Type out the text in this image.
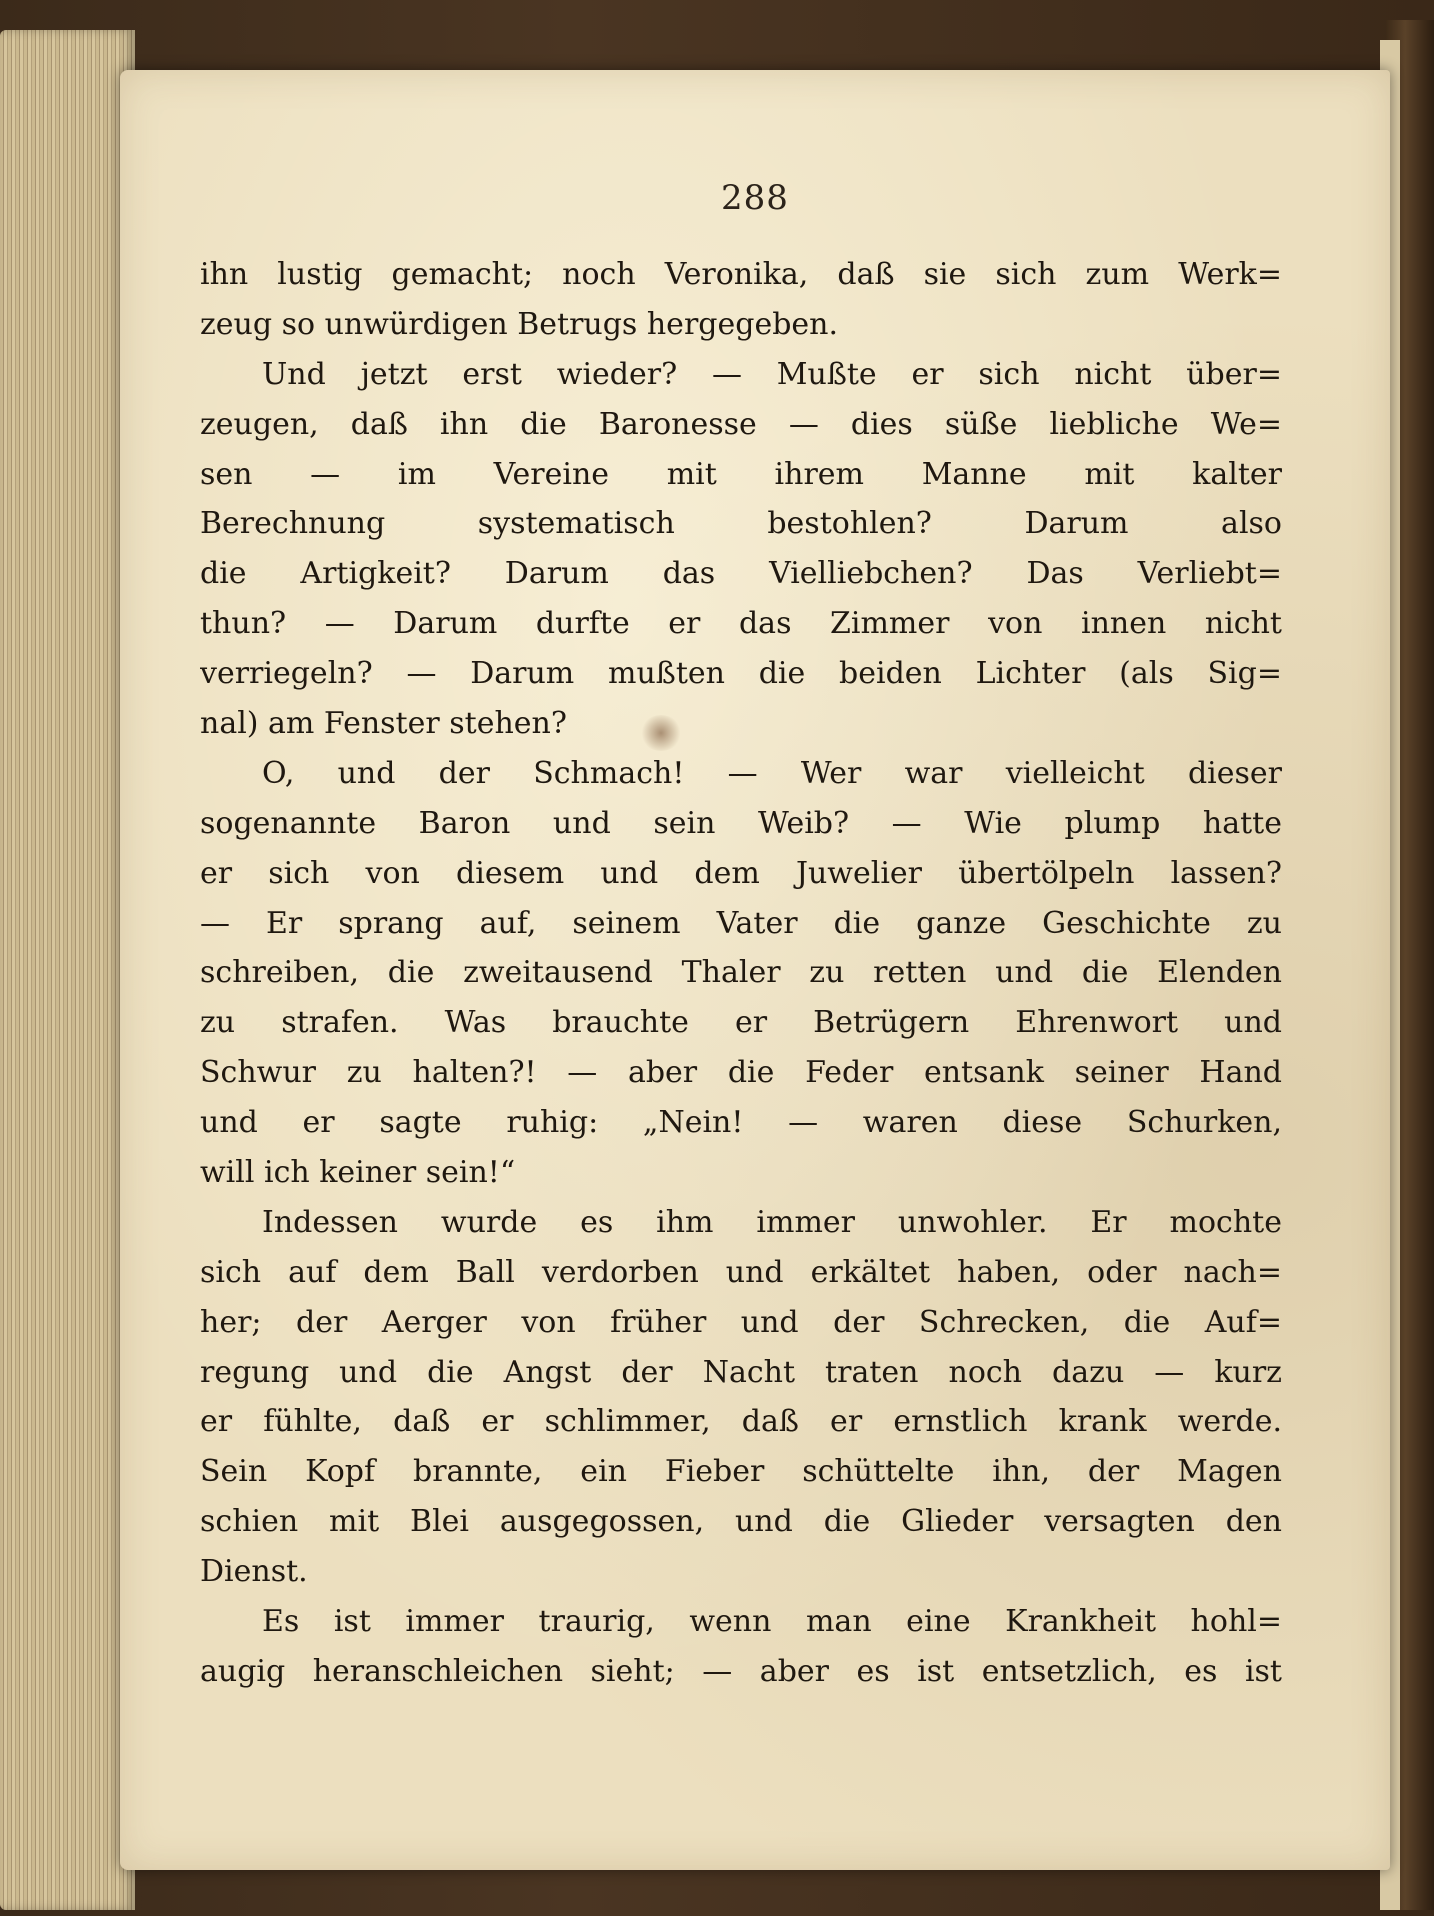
288
ihn lustig gemacht; noch Veronika, daß sie sich zum Werk=
zeug so unwürdigen Betrugs hergegeben.
Und jetzt erst wieder? — Mußte er sich nicht über=
zeugen, daß ihn die Baronesse — dies süße liebliche We=
sen — im Vereine mit ihrem Manne mit kalter
Berechnung systematisch bestohlen? Darum also
die Artigkeit? Darum das Vielliebchen? Das Verliebt=
thun? — Darum durfte er das Zimmer von innen nicht
verriegeln? — Darum mußten die beiden Lichter (als Sig=
nal) am Fenster stehen?
O, und der Schmach! — Wer war vielleicht dieser
sogenannte Baron und sein Weib? — Wie plump hatte
er sich von diesem und dem Juwelier übertölpeln lassen?
— Er sprang auf, seinem Vater die ganze Geschichte zu
schreiben, die zweitausend Thaler zu retten und die Elenden
zu strafen. Was brauchte er Betrügern Ehrenwort und
Schwur zu halten?! — aber die Feder entsank seiner Hand
und er sagte ruhig: „Nein! — waren diese Schurken,
will ich keiner sein!“
Indessen wurde es ihm immer unwohler. Er mochte
sich auf dem Ball verdorben und erkältet haben, oder nach=
her; der Aerger von früher und der Schrecken, die Auf=
regung und die Angst der Nacht traten noch dazu — kurz
er fühlte, daß er schlimmer, daß er ernstlich krank werde.
Sein Kopf brannte, ein Fieber schüttelte ihn, der Magen
schien mit Blei ausgegossen, und die Glieder versagten den
Dienst.
Es ist immer traurig, wenn man eine Krankheit hohl=
augig heranschleichen sieht; — aber es ist entsetzlich, es ist
